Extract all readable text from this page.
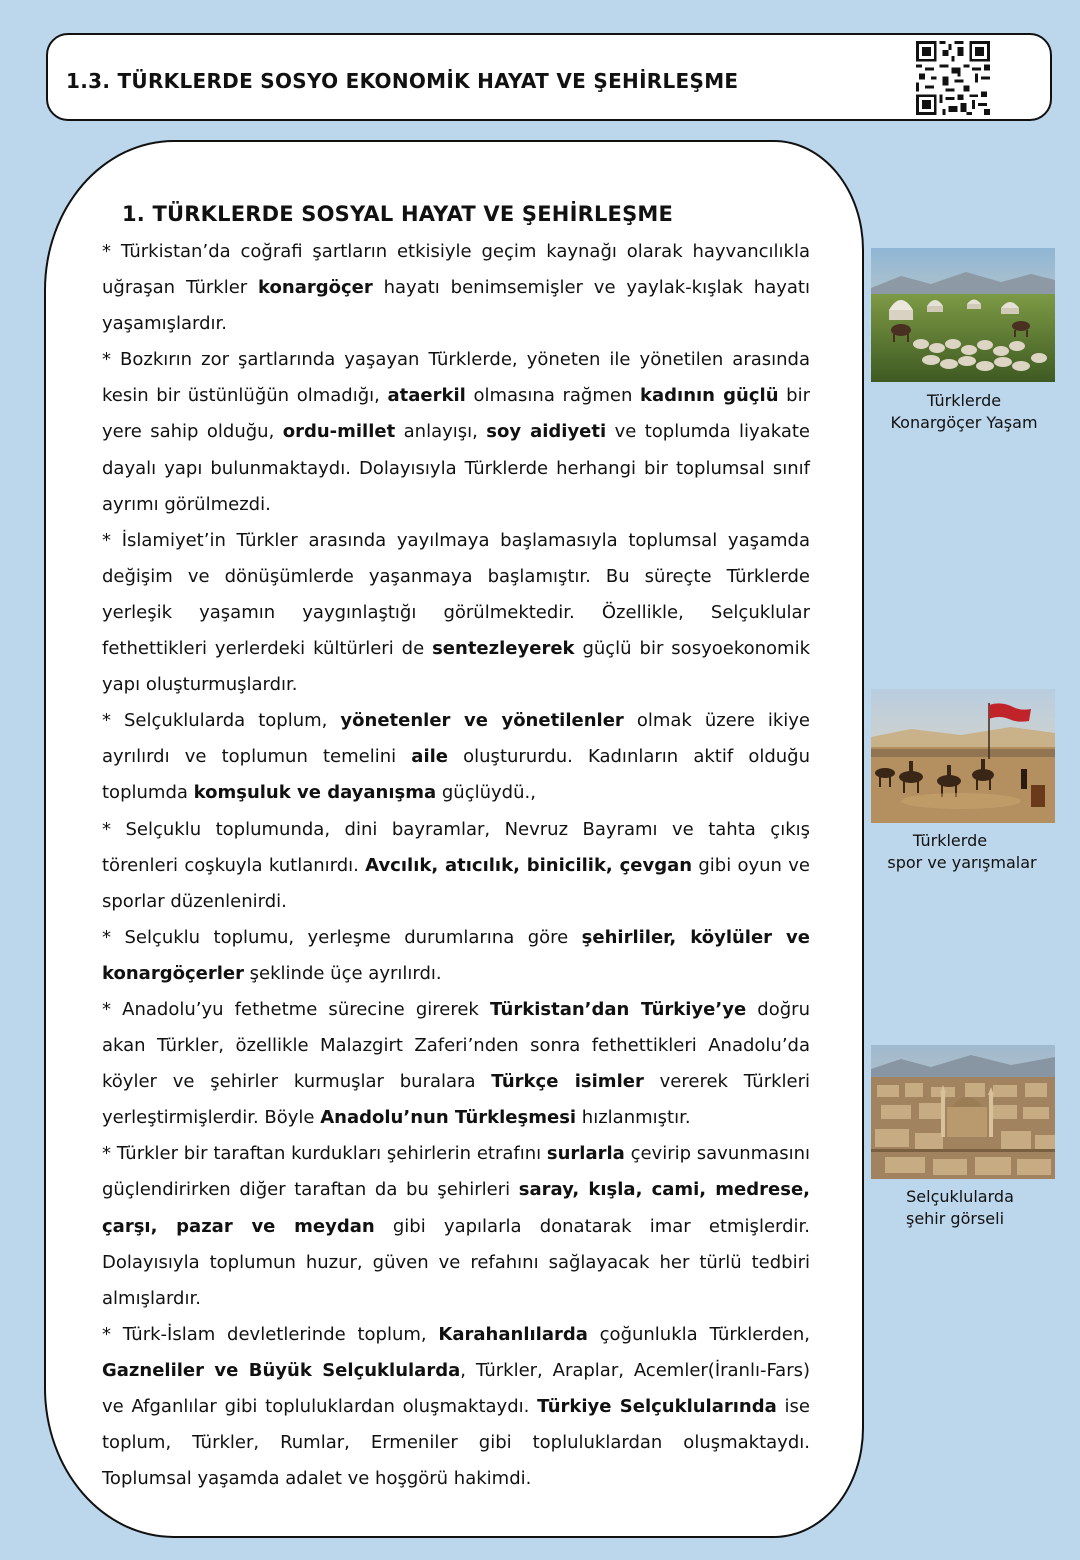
1.3. TÜRKLERDE SOSYO EKONOMİK HAYAT VE ŞEHİRLEŞME
1. TÜRKLERDE SOSYAL HAYAT VE ŞEHİRLEŞME

* Türkistan’da coğrafi şartların etkisiyle geçim kaynağı olarak hayvancılıkla uğraşan Türkler konargöçer hayatı benimsemişler ve yaylak-kışlak hayatı yaşamışlardır.

* Bozkırın zor şartlarında yaşayan Türklerde, yöneten ile yönetilen arasında kesin bir üstünlüğün olmadığı, ataerkil olmasına rağmen kadının güçlü bir yere sahip olduğu, ordu-millet anlayışı, soy aidiyeti ve toplumda liyakate dayalı yapı bulunmaktaydı. Dolayısıyla Türklerde herhangi bir toplumsal sınıf ayrımı görülmezdi.

* İslamiyet’in Türkler arasında yayılmaya başlamasıyla toplumsal yaşamda değişim ve dönüşümlerde yaşanmaya başlamıştır. Bu süreçte Türklerde yerleşik yaşamın yaygınlaştığı görülmektedir. Özellikle, Selçuklular fethettikleri yerlerdeki kültürleri de sentezleyerek güçlü bir sosyoekonomik yapı oluşturmuşlardır.

* Selçuklularda toplum, yönetenler ve yönetilenler olmak üzere ikiye ayrılırdı ve toplumun temelini aile oluştururdu. Kadınların aktif olduğu toplumda komşuluk ve dayanışma güçlüydü.,

* Selçuklu toplumunda, dini bayramlar, Nevruz Bayramı ve tahta çıkış törenleri coşkuyla kutlanırdı. Avcılık, atıcılık, binicilik, çevgan gibi oyun ve sporlar düzenlenirdi.

* Selçuklu toplumu, yerleşme durumlarına göre şehirliler, köylüler ve konargöçerler şeklinde üçe ayrılırdı.

* Anadolu’yu fethetme sürecine girerek Türkistan’dan Türkiye’ye doğru akan Türkler, özellikle Malazgirt Zaferi’nden sonra fethettikleri Anadolu’da köyler ve şehirler kurmuşlar buralara Türkçe isimler vererek Türkleri yerleştirmişlerdir. Böyle Anadolu’nun Türkleşmesi hızlanmıştır.

* Türkler bir taraftan kurdukları şehirlerin etrafını surlarla çevirip savunmasını güçlendirirken diğer taraftan da bu şehirleri saray, kışla, cami, medrese, çarşı, pazar ve meydan gibi yapılarla donatarak imar etmişlerdir. Dolayısıyla toplumun huzur, güven ve refahını sağlayacak her türlü tedbiri almışlardır.

* Türk-İslam devletlerinde toplum, Karahanlılarda çoğunlukla Türklerden, Gazneliler ve Büyük Selçuklularda, Türkler, Araplar, Acemler(İranlı-Fars) ve Afganlılar gibi topluluklardan oluşmaktaydı. Türkiye Selçuklularında ise toplum, Türkler, Rumlar, Ermeniler gibi topluluklardan oluşmaktaydı. Toplumsal yaşamda adalet ve hoşgörü hakimdi.

Türklerde
Konargöçer Yaşam
Türklerde
spor ve yarışmalar
Selçuklularda
şehir görseli
